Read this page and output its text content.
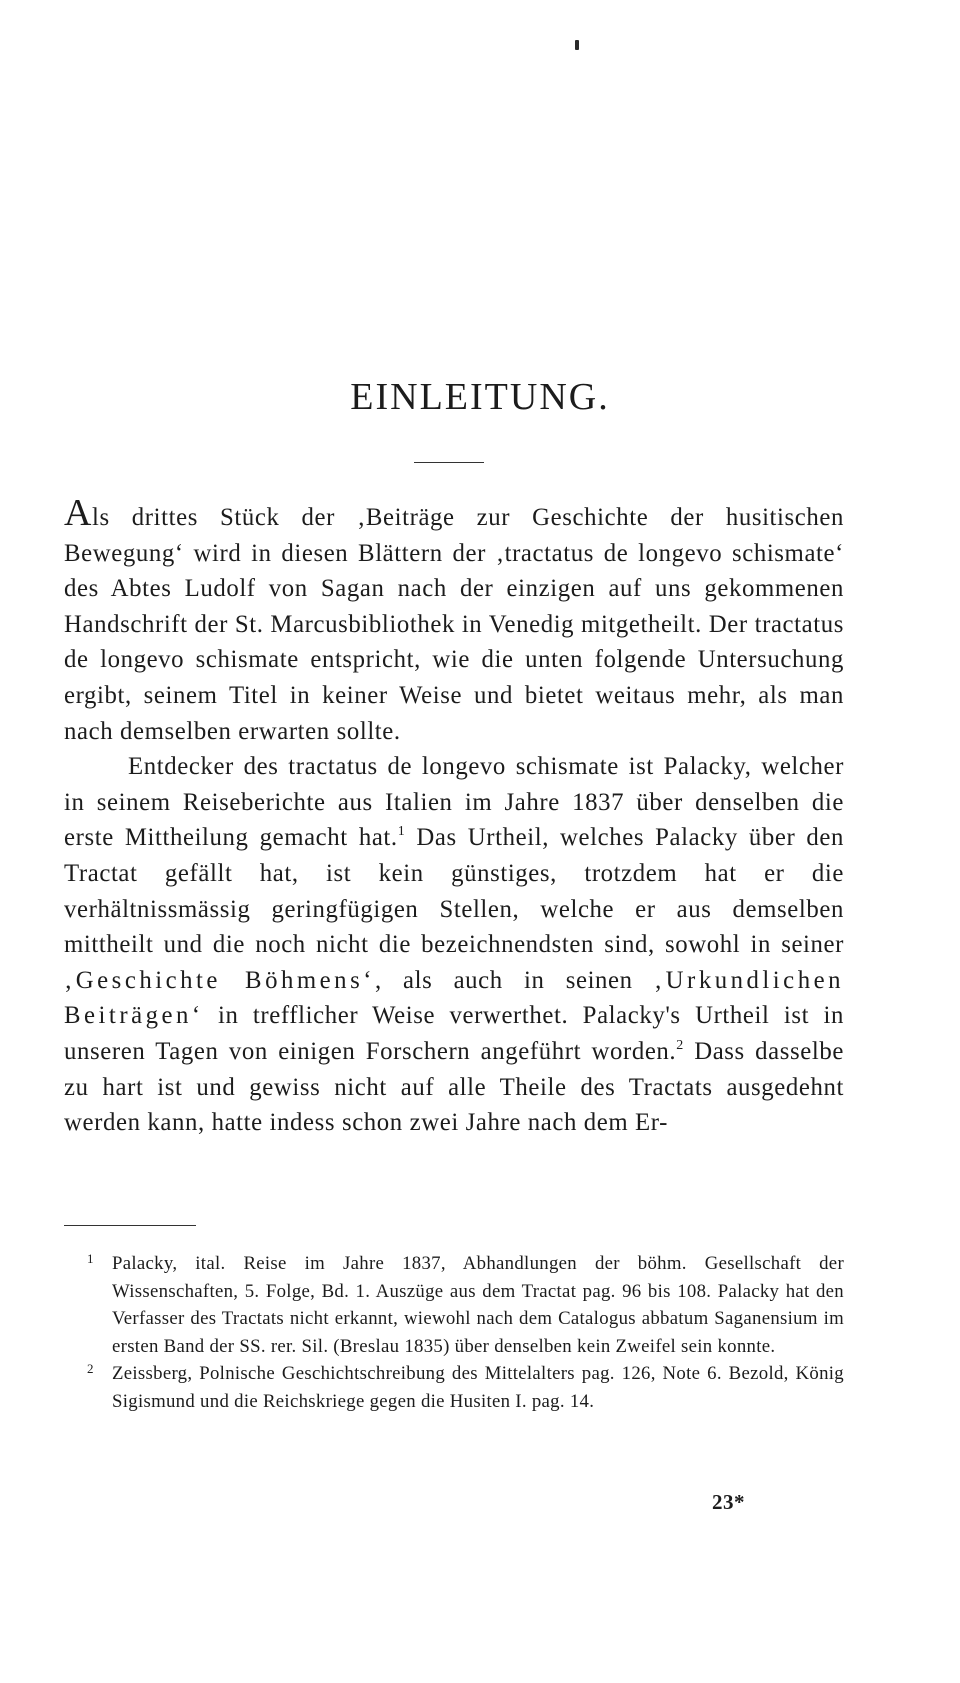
EINLEITUNG.

Als drittes Stück der ‚Beiträge zur Geschichte der husitischen Bewegung‘ wird in diesen Blättern der ‚tractatus de longevo schismate‘ des Abtes Ludolf von Sagan nach der einzigen auf uns gekommenen Handschrift der St. Marcusbibliothek in Venedig mitgetheilt. Der tractatus de longevo schismate entspricht, wie die unten folgende Untersuchung ergibt, seinem Titel in keiner Weise und bietet weitaus mehr, als man nach demselben erwarten sollte.

Entdecker des tractatus de longevo schismate ist Palacky, welcher in seinem Reiseberichte aus Italien im Jahre 1837 über denselben die erste Mittheilung gemacht hat.$^1$ Das Urtheil, welches Palacky über den Tractat gefällt hat, ist kein günstiges, trotzdem hat er die verhältnissmässig geringfügigen Stellen, welche er aus demselben mittheilt und die noch nicht die bezeichnendsten sind, sowohl in seiner ‚Geschichte Böhmens‘, als auch in seinen ‚Urkundlichen Beiträgen‘ in trefflicher Weise verwerthet. Palacky's Urtheil ist in unseren Tagen von einigen Forschern angeführt worden.$^2$ Dass dasselbe zu hart ist und gewiss nicht auf alle Theile des Tractats ausgedehnt werden kann, hatte indess schon zwei Jahre nach dem Er-

1 Palacky, ital. Reise im Jahre 1837, Abhandlungen der böhm. Gesellschaft der Wissenschaften, 5. Folge, Bd. 1. Auszüge aus dem Tractat pag. 96 bis 108. Palacky hat den Verfasser des Tractats nicht erkannt, wiewohl nach dem Catalogus abbatum Saganensium im ersten Band der SS. rer. Sil. (Breslau 1835) über denselben kein Zweifel sein konnte.

2 Zeissberg, Polnische Geschichtschreibung des Mittelalters pag. 126, Note 6. Bezold, König Sigismund und die Reichskriege gegen die Husiten I. pag. 14.

23*
